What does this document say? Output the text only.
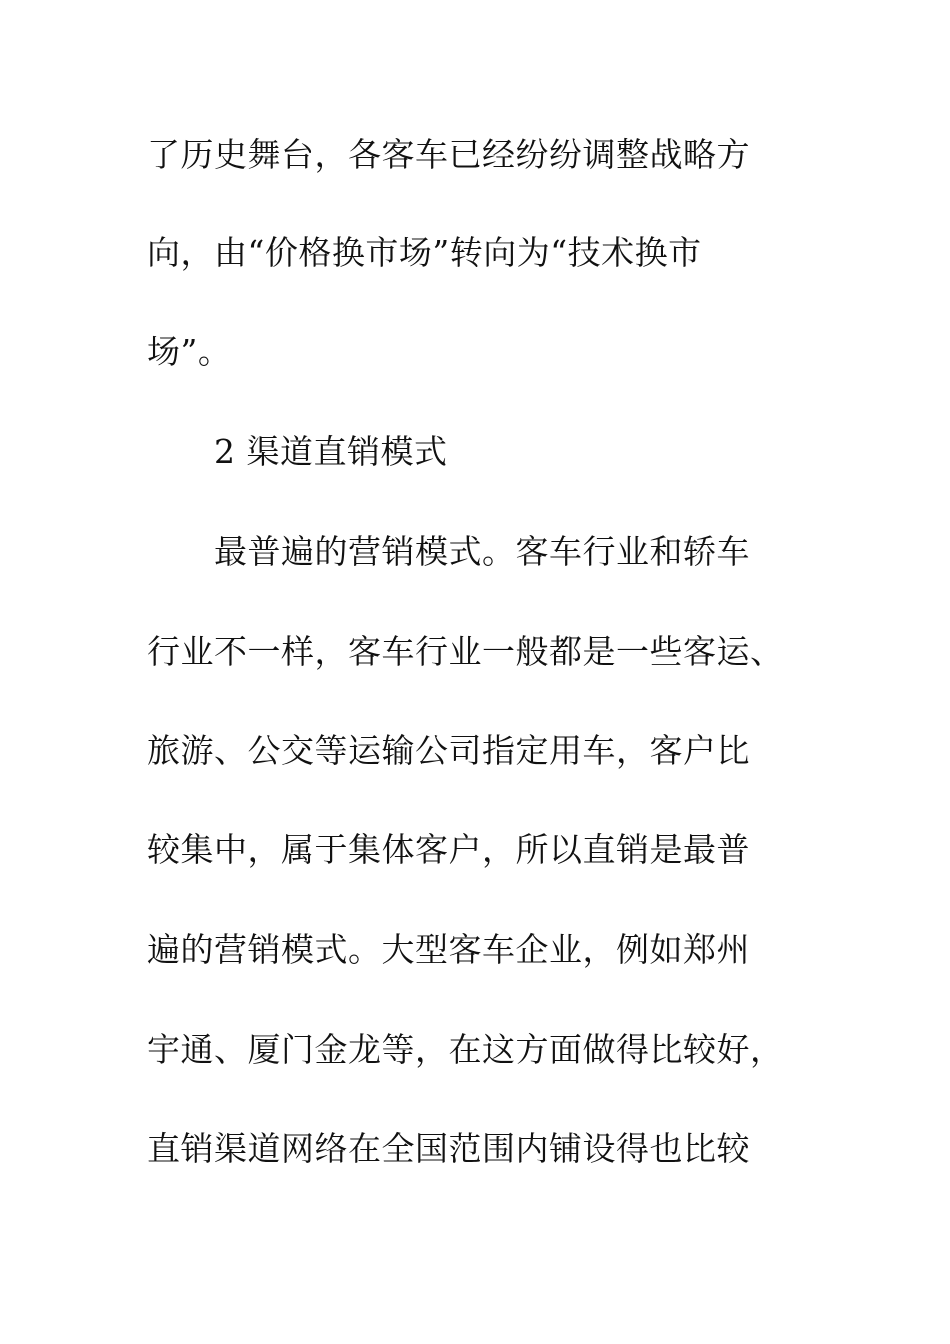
了历史舞台，各客车已经纷纷调整战略方
向，由“价格换市场”转向为“技术换市
场”。
2 渠道直销模式
最普遍的营销模式。客车行业和轿车
行业不一样，客车行业一般都是一些客运、
旅游、公交等运输公司指定用车，客户比
较集中，属于集体客户，所以直销是最普
遍的营销模式。大型客车企业，例如郑州
宇通、厦门金龙等，在这方面做得比较好，
直销渠道网络在全国范围内铺设得也比较
